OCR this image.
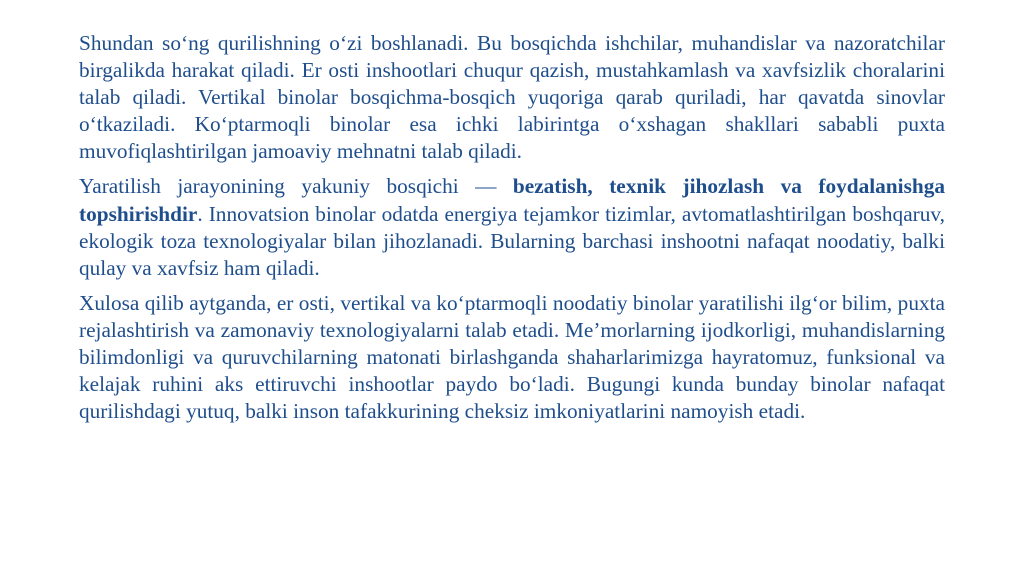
Shundan so‘ng qurilishning o‘zi boshlanadi. Bu bosqichda ishchilar, muhandislar va nazoratchilar birgalikda harakat qiladi. Er osti inshootlari chuqur qazish, mustahkamlash va xavfsizlik choralarini talab qiladi. Vertikal binolar bosqichma-bosqich yuqoriga qarab quriladi, har qavatda sinovlar o‘tkaziladi. Ko‘ptarmoqli binolar esa ichki labirintga o‘xshagan shakllari sababli puxta muvofiqlashtirilgan jamoaviy mehnatni talab qiladi.

Yaratilish jarayonining yakuniy bosqichi — bezatish, texnik jihozlash va foydalanishga topshirishdir. Innovatsion binolar odatda energiya tejamkor tizimlar, avtomatlashtirilgan boshqaruv, ekologik toza texnologiyalar bilan jihozlanadi. Bularning barchasi inshootni nafaqat noodatiy, balki qulay va xavfsiz ham qiladi.

Xulosa qilib aytganda, er osti, vertikal va ko‘ptarmoqli noodatiy binolar yaratilishi ilg‘or bilim, puxta rejalashtirish va zamonaviy texnologiyalarni talab etadi. Me’morlarning ijodkorligi, muhandislarning bilimdonligi va quruvchilarning matonati birlashganda shaharlarimizga hayratomuz, funksional va kelajak ruhini aks ettiruvchi inshootlar paydo bo‘ladi. Bugungi kunda bunday binolar nafaqat qurilishdagi yutuq, balki inson tafakkurining cheksiz imkoniyatlarini namoyish etadi.
